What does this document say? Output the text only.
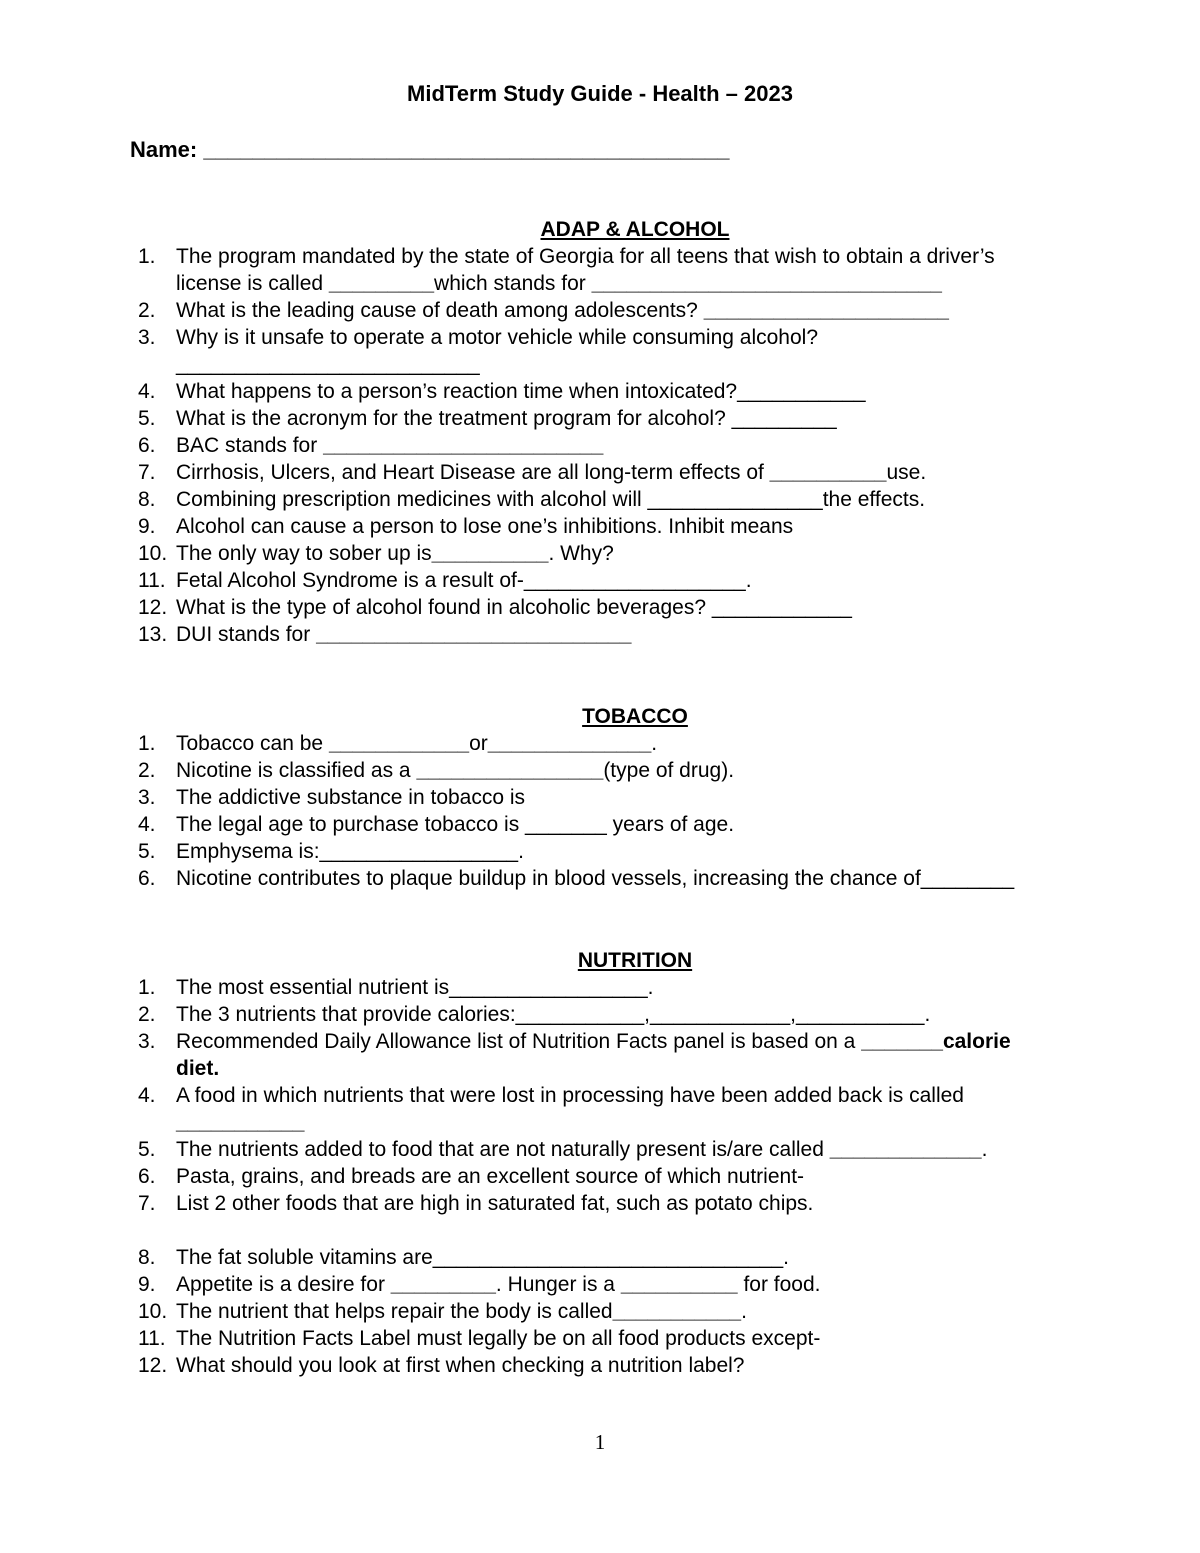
MidTerm Study Guide - Health – 2023
Name: ___________________________________________
ADAP & ALCOHOL
1. The program mandated by the state of Georgia for all teens that wish to obtain a driver’s
license is called _________which stands for ______________________________
2. What is the leading cause of death among adolescents? _____________________
3. Why is it unsafe to operate a motor vehicle while consuming alcohol?
__________________________
4. What happens to a person’s reaction time when intoxicated?___________
5. What is the acronym for the treatment program for alcohol? _________
6. BAC stands for ________________________
7. Cirrhosis, Ulcers, and Heart Disease are all long-term effects of __________use.
8. Combining prescription medicines with alcohol will _______________the effects.
9. Alcohol can cause a person to lose one’s inhibitions. Inhibit means
10. The only way to sober up is__________. Why?
11. Fetal Alcohol Syndrome is a result of-___________________.
12. What is the type of alcohol found in alcoholic beverages? ____________
13. DUI stands for ___________________________
TOBACCO
1. Tobacco can be ____________or______________.
2. Nicotine is classified as a ________________(type of drug).
3. The addictive substance in tobacco is
4. The legal age to purchase tobacco is _______ years of age.
5. Emphysema is:_________________.
6. Nicotine contributes to plaque buildup in blood vessels, increasing the chance of________
NUTRITION
1. The most essential nutrient is_________________.
2. The 3 nutrients that provide calories:___________,____________,___________.
3. Recommended Daily Allowance list of Nutrition Facts panel is based on a _______calorie
diet.
4. A food in which nutrients that were lost in processing have been added back is called
___________
5. The nutrients added to food that are not naturally present is/are called _____________.
6. Pasta, grains, and breads are an excellent source of which nutrient-
7. List 2 other foods that are high in saturated fat, such as potato chips.
8. The fat soluble vitamins are______________________________.
9. Appetite is a desire for _________. Hunger is a __________ for food.
10. The nutrient that helps repair the body is called___________.
11. The Nutrition Facts Label must legally be on all food products except-
12. What should you look at first when checking a nutrition label?
1
